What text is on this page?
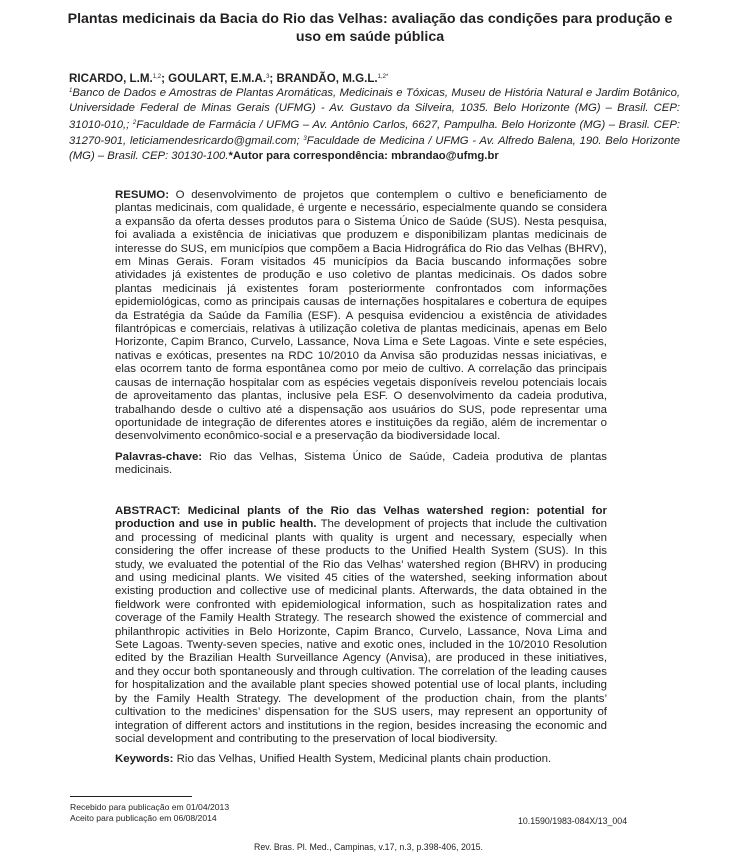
Plantas medicinais da Bacia do Rio das Velhas: avaliação das condições para produção e uso em saúde pública
RICARDO, L.M.$^{1,2}$; GOULART, E.M.A.$^3$; BRANDÃO, M.G.L.$^{1,2*}$
$^1$Banco de Dados e Amostras de Plantas Aromáticas, Medicinais e Tóxicas, Museu de História Natural e Jardim Botânico, Universidade Federal de Minas Gerais (UFMG) - Av. Gustavo da Silveira, 1035. Belo Horizonte (MG) – Brasil. CEP: 31010-010,; $^2$Faculdade de Farmácia / UFMG – Av. Antônio Carlos, 6627, Pampulha. Belo Horizonte (MG) – Brasil. CEP: 31270-901, leticiamendesricardo@gmail.com; $^3$Faculdade de Medicina / UFMG - Av. Alfredo Balena, 190. Belo Horizonte (MG) – Brasil. CEP: 30130-100.*Autor para correspondência: mbrandao@ufmg.br
RESUMO: O desenvolvimento de projetos que contemplem o cultivo e beneficiamento de plantas medicinais, com qualidade, é urgente e necessário, especialmente quando se considera a expansão da oferta desses produtos para o Sistema Único de Saúde (SUS). Nesta pesquisa, foi avaliada a existência de iniciativas que produzem e disponibilizam plantas medicinais de interesse do SUS, em municípios que compõem a Bacia Hidrográfica do Rio das Velhas (BHRV), em Minas Gerais. Foram visitados 45 municípios da Bacia buscando informações sobre atividades já existentes de produção e uso coletivo de plantas medicinais. Os dados sobre plantas medicinais já existentes foram posteriormente confrontados com informações epidemiológicas, como as principais causas de internações hospitalares e cobertura de equipes da Estratégia da Saúde da Família (ESF). A pesquisa evidenciou a existência de atividades filantrópicas e comerciais, relativas à utilização coletiva de plantas medicinais, apenas em Belo Horizonte, Capim Branco, Curvelo, Lassance, Nova Lima e Sete Lagoas. Vinte e sete espécies, nativas e exóticas, presentes na RDC 10/2010 da Anvisa são produzidas nessas iniciativas, e elas ocorrem tanto de forma espontânea como por meio de cultivo. A correlação das principais causas de internação hospitalar com as espécies vegetais disponíveis revelou potenciais locais de aproveitamento das plantas, inclusive pela ESF. O desenvolvimento da cadeia produtiva, trabalhando desde o cultivo até a dispensação aos usuários do SUS, pode representar uma oportunidade de integração de diferentes atores e instituições da região, além de incrementar o desenvolvimento econômico-social e a preservação da biodiversidade local.
Palavras-chave: Rio das Velhas, Sistema Único de Saúde, Cadeia produtiva de plantas medicinais.
ABSTRACT: Medicinal plants of the Rio das Velhas watershed region: potential for production and use in public health. The development of projects that include the cultivation and processing of medicinal plants with quality is urgent and necessary, especially when considering the offer increase of these products to the Unified Health System (SUS). In this study, we evaluated the potential of the Rio das Velhas’ watershed region (BHRV) in producing and using medicinal plants. We visited 45 cities of the watershed, seeking information about existing production and collective use of medicinal plants. Afterwards, the data obtained in the fieldwork were confronted with epidemiological information, such as hospitalization rates and coverage of the Family Health Strategy. The research showed the existence of commercial and philanthropic activities in Belo Horizonte, Capim Branco, Curvelo, Lassance, Nova Lima and Sete Lagoas. Twenty-seven species, native and exotic ones, included in the 10/2010 Resolution edited by the Brazilian Health Surveillance Agency (Anvisa), are produced in these initiatives, and they occur both spontaneously and through cultivation. The correlation of the leading causes for hospitalization and the available plant species showed potential use of local plants, including by the Family Health Strategy. The development of the production chain, from the plants’ cultivation to the medicines’ dispensation for the SUS users, may represent an opportunity of integration of different actors and institutions in the region, besides increasing the economic and social development and contributing to the preservation of local biodiversity.
Keywords: Rio das Velhas, Unified Health System, Medicinal plants chain production.
Recebido para publicação em 01/04/2013
Aceito para publicação em 06/08/2014	10.1590/1983-084X/13_004
Rev. Bras. Pl. Med., Campinas, v.17, n.3, p.398-406, 2015.
